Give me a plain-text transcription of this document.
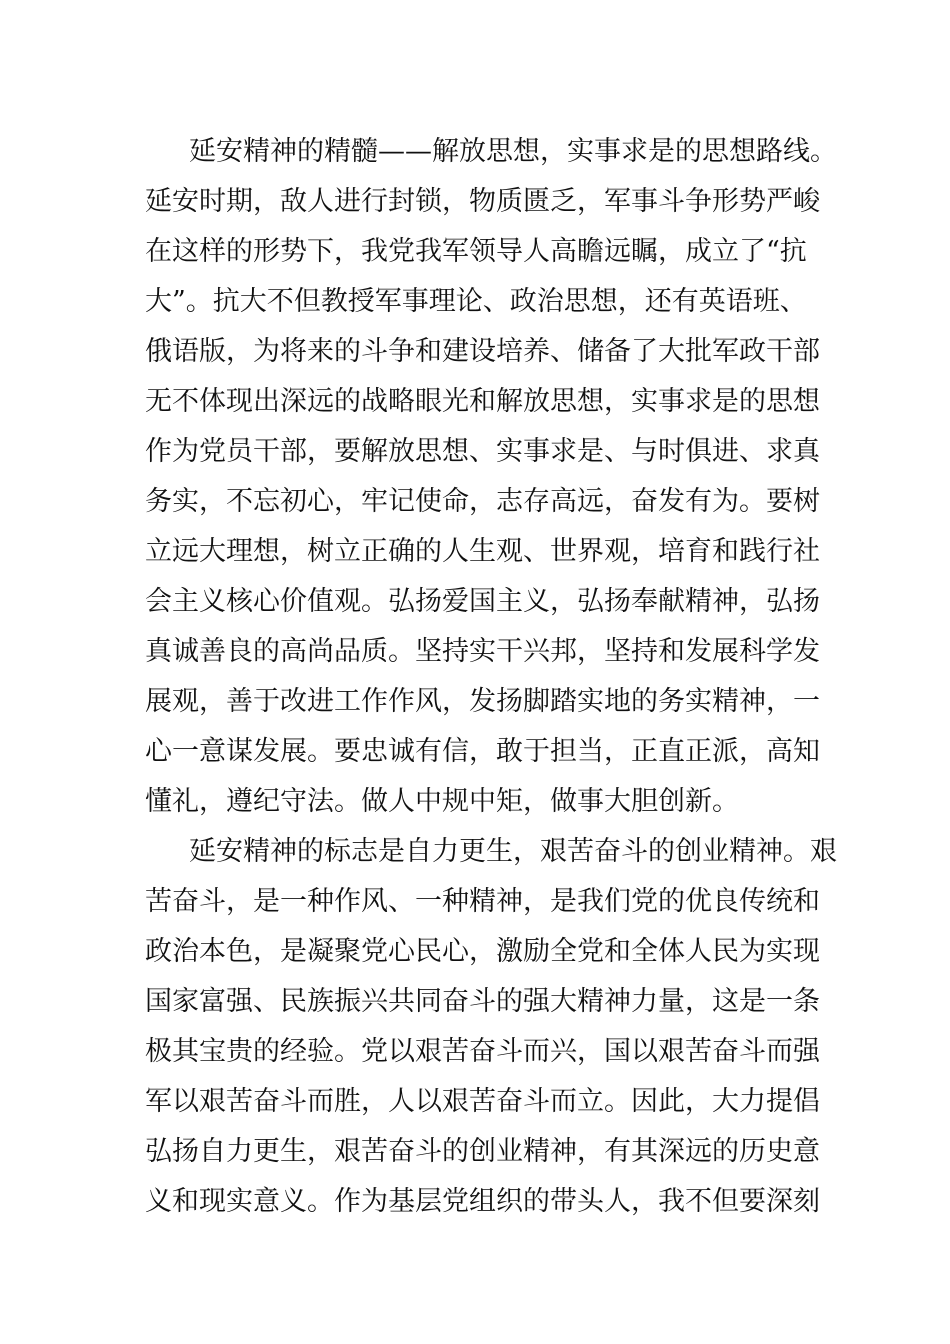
延安精神的精髓——解放思想，实事求是的思想路线。
延安时期，敌人进行封锁，物质匮乏，军事斗争形势严峻
在这样的形势下，我党我军领导人高瞻远瞩，成立了“抗
大”。抗大不但教授军事理论、政治思想，还有英语班、
俄语版，为将来的斗争和建设培养、储备了大批军政干部
无不体现出深远的战略眼光和解放思想，实事求是的思想
作为党员干部，要解放思想、实事求是、与时俱进、求真
务实，不忘初心，牢记使命，志存高远，奋发有为。要树
立远大理想，树立正确的人生观、世界观，培育和践行社
会主义核心价值观。弘扬爱国主义，弘扬奉献精神，弘扬
真诚善良的高尚品质。坚持实干兴邦，坚持和发展科学发
展观，善于改进工作作风，发扬脚踏实地的务实精神，一
心一意谋发展。要忠诚有信，敢于担当，正直正派，高知
懂礼，遵纪守法。做人中规中矩，做事大胆创新。
延安精神的标志是自力更生，艰苦奋斗的创业精神。艰
苦奋斗，是一种作风、一种精神，是我们党的优良传统和
政治本色，是凝聚党心民心，激励全党和全体人民为实现
国家富强、民族振兴共同奋斗的强大精神力量，这是一条
极其宝贵的经验。党以艰苦奋斗而兴，国以艰苦奋斗而强
军以艰苦奋斗而胜，人以艰苦奋斗而立。因此，大力提倡
弘扬自力更生，艰苦奋斗的创业精神，有其深远的历史意
义和现实意义。作为基层党组织的带头人，我不但要深刻
